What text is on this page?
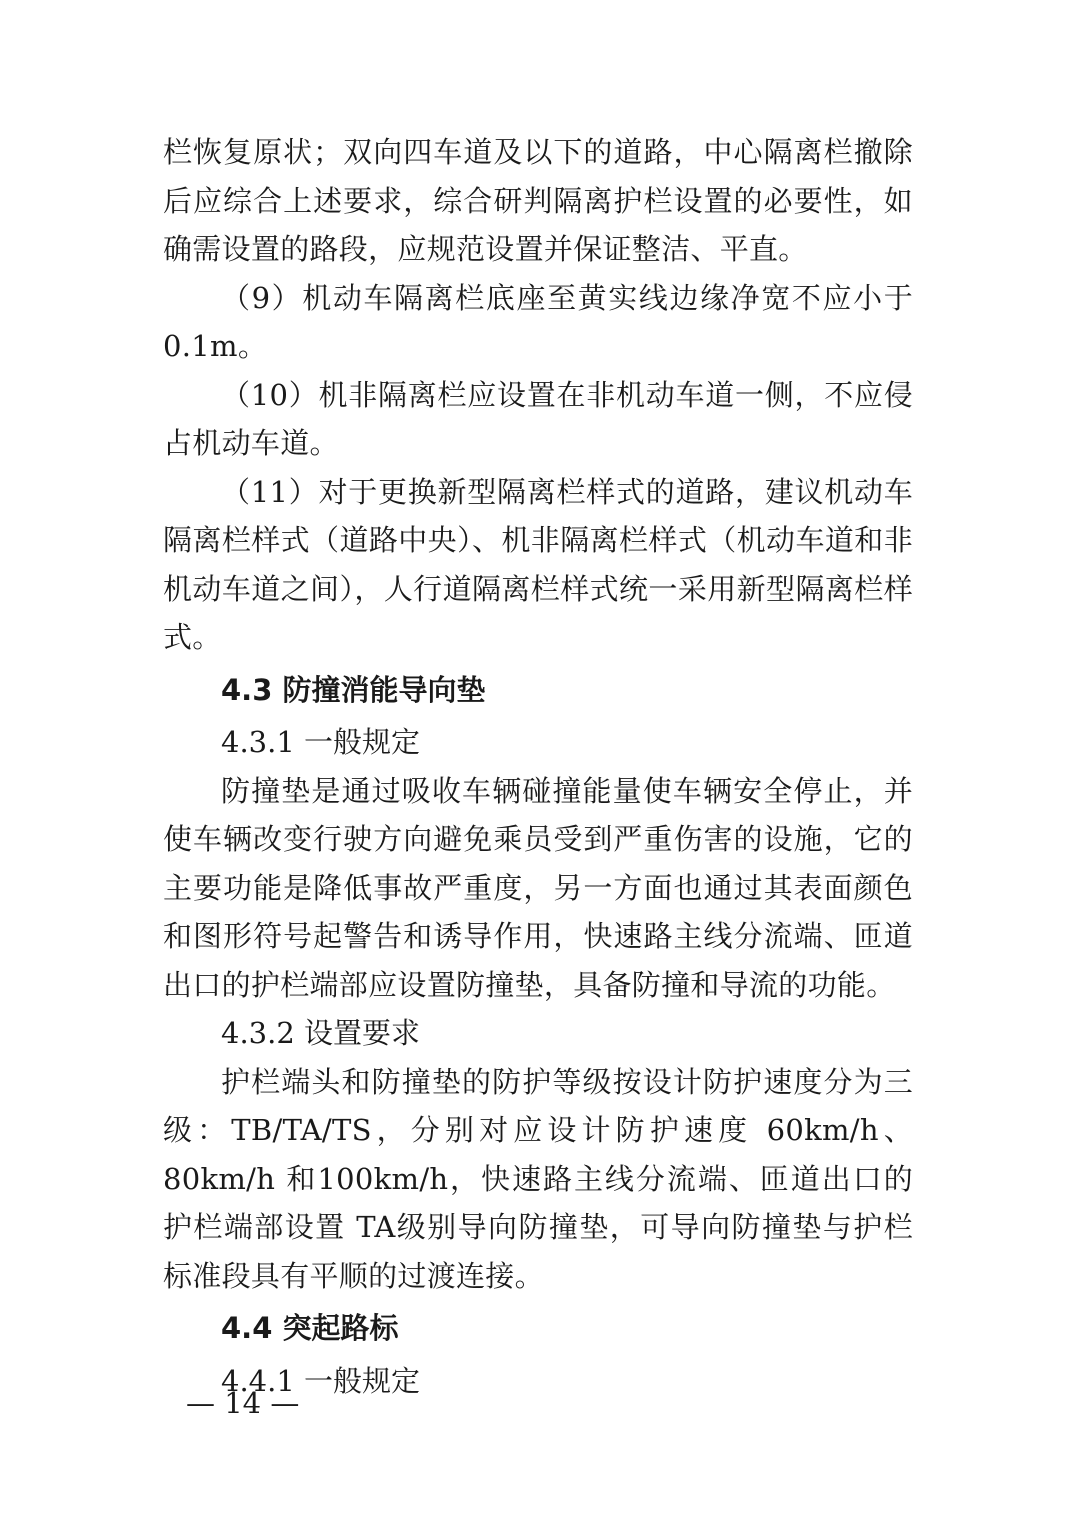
栏恢复原状；双向四车道及以下的道路，中心隔离栏撤除后应综合上述要求，综合研判隔离护栏设置的必要性，如确需设置的路段，应规范设置并保证整洁、平直。

（9）机动车隔离栏底座至黄实线边缘净宽不应小于0.1m。

（10）机非隔离栏应设置在非机动车道一侧，不应侵占机动车道。

（11）对于更换新型隔离栏样式的道路，建议机动车隔离栏样式（道路中央）、机非隔离栏样式（机动车道和非机动车道之间），人行道隔离栏样式统一采用新型隔离栏样式。

4.3 防撞消能导向垫
4.3.1 一般规定

防撞垫是通过吸收车辆碰撞能量使车辆安全停止，并使车辆改变行驶方向避免乘员受到严重伤害的设施，它的主要功能是降低事故严重度，另一方面也通过其表面颜色和图形符号起警告和诱导作用，快速路主线分流端、匝道出口的护栏端部应设置防撞垫，具备防撞和导流的功能。

4.3.2 设置要求

护栏端头和防撞垫的防护等级按设计防护速度分为三级：TB/TA/TS，分别对应设计防护速度 60km/h、80km/h 和100km/h，快速路主线分流端、匝道出口的护栏端部设置 TA级别导向防撞垫，可导向防撞垫与护栏标准段具有平顺的过渡连接。

4.4 突起路标
4.4.1 一般规定
— 14 —
